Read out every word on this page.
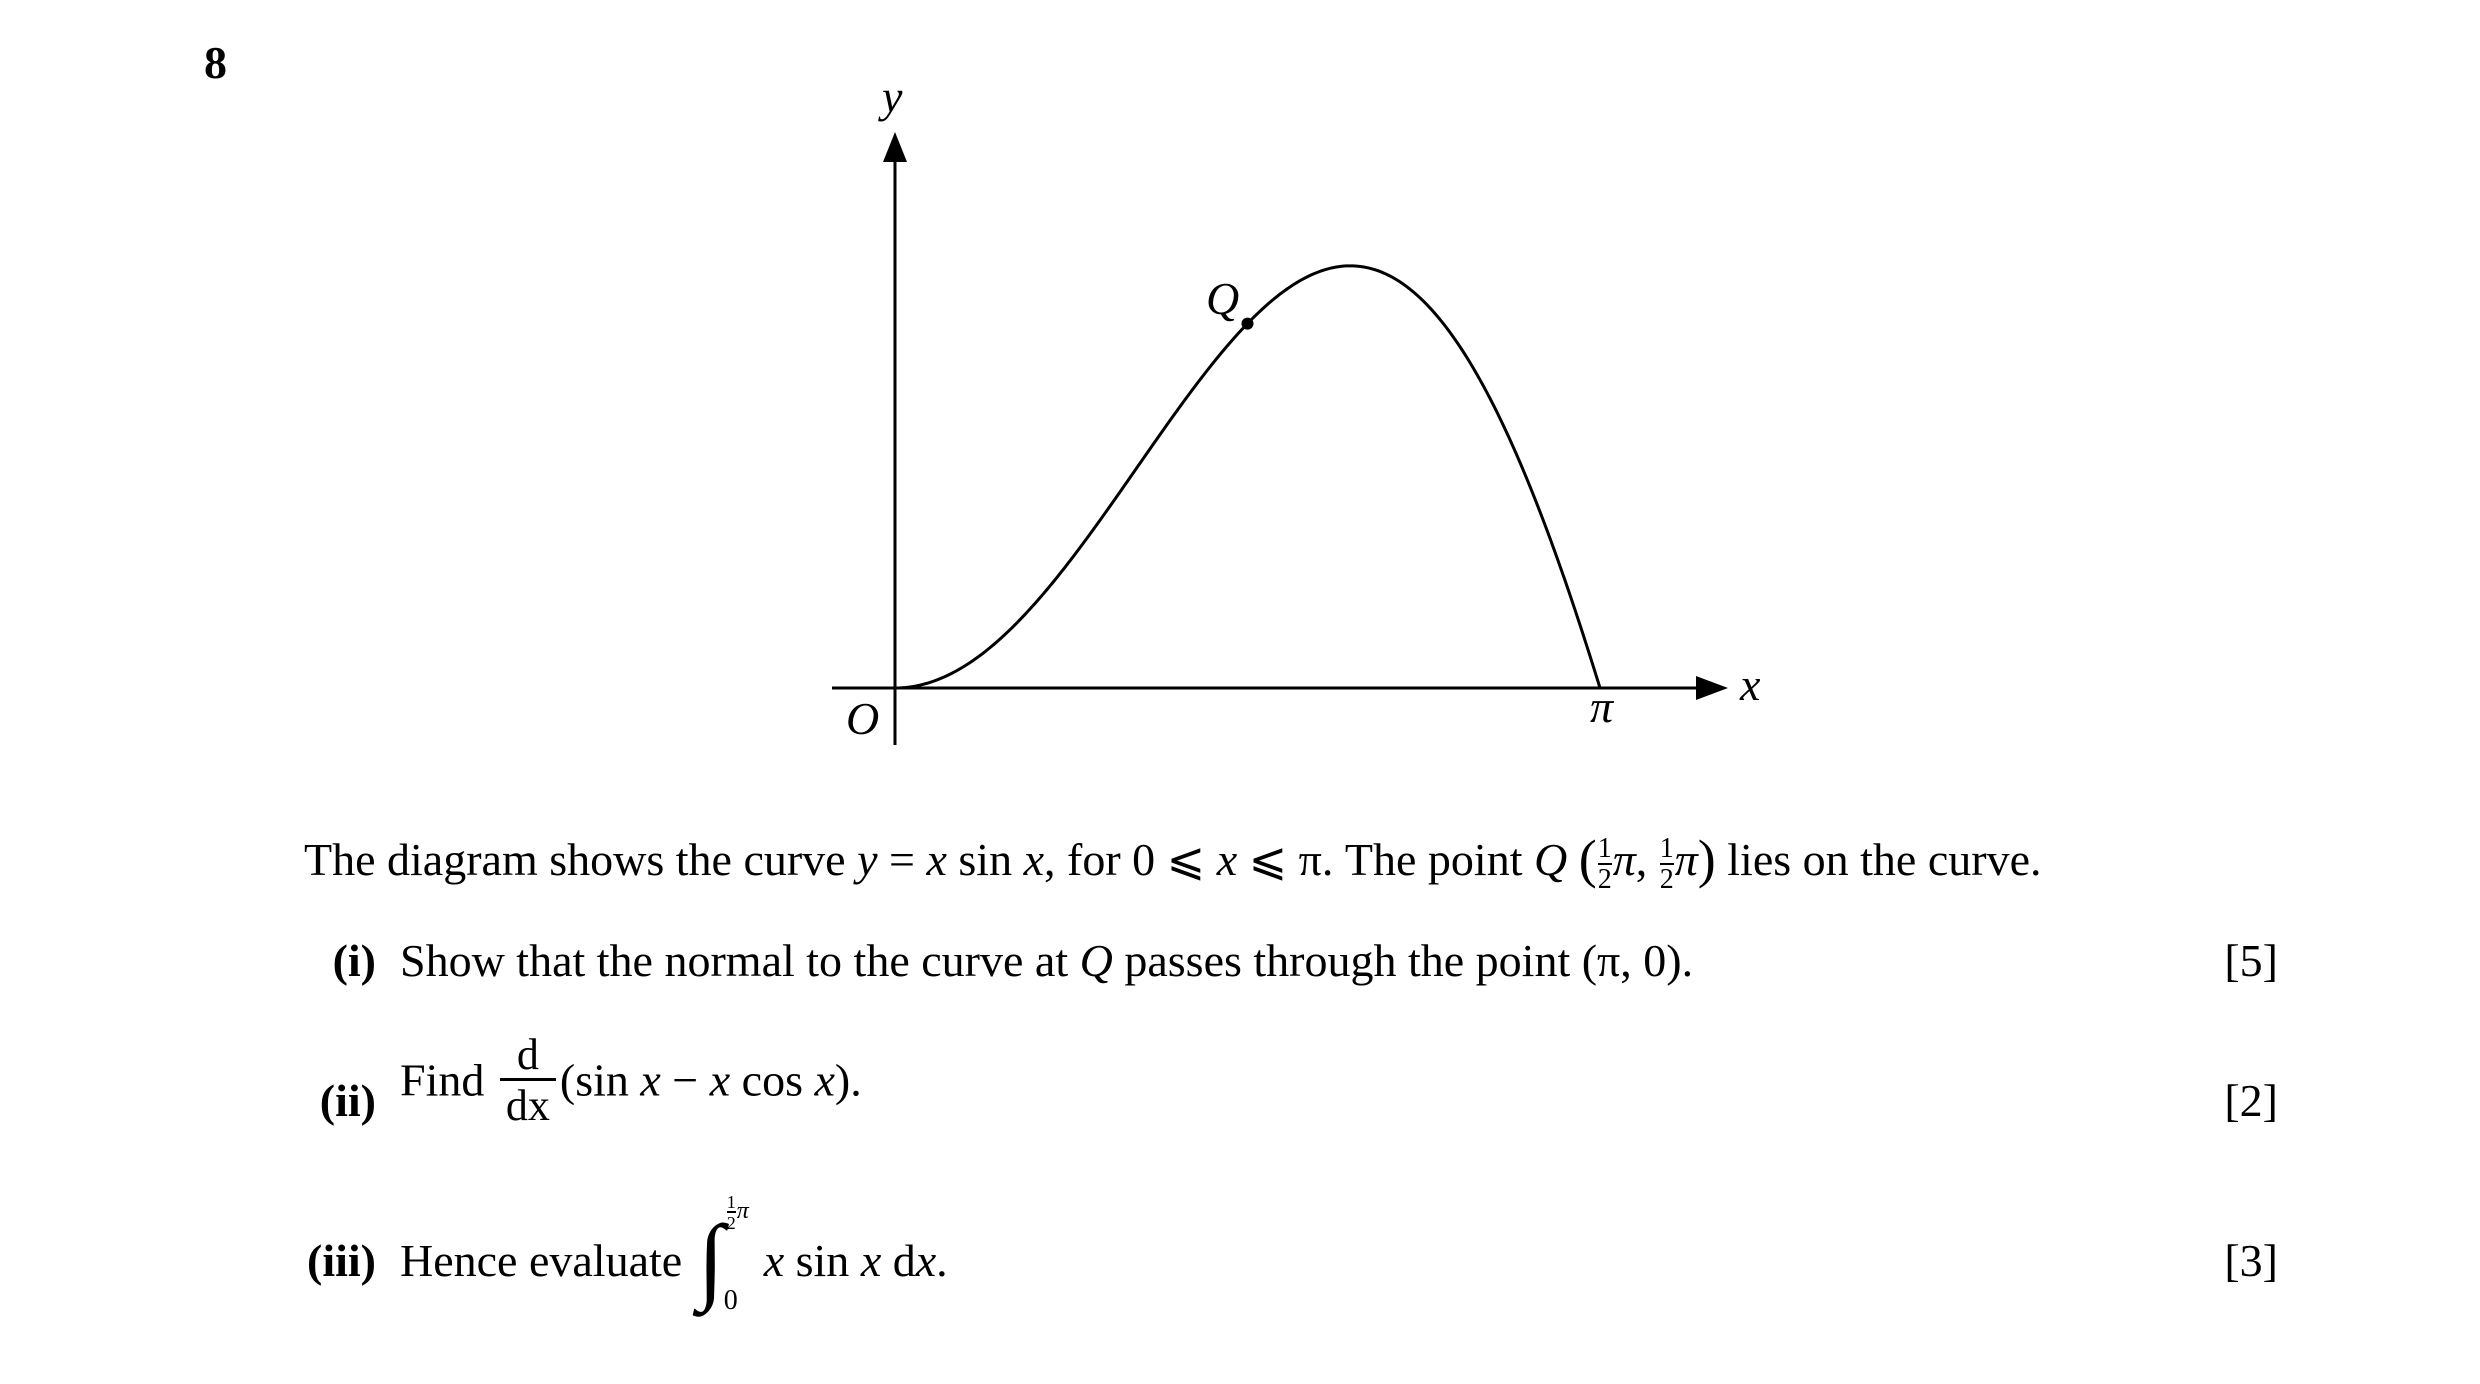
8
y
x
O	π
Q
The diagram shows the curve y = x sin x, for 0 ⩽ x ⩽ π. The point Q ( $\frac{1}{2} \pi$, $\frac{1}{2} \pi$) lies on the curve.
(i) Show that the normal to the curve at Q passes through the point (π, 0).	[5]
(ii) Find $\frac{d}{dx} (\sin$ x − x cos x).	[2]
(iii) Hence evaluate ∫ $\frac{1}{2}$ π
0
x sin x dx.	[3]
